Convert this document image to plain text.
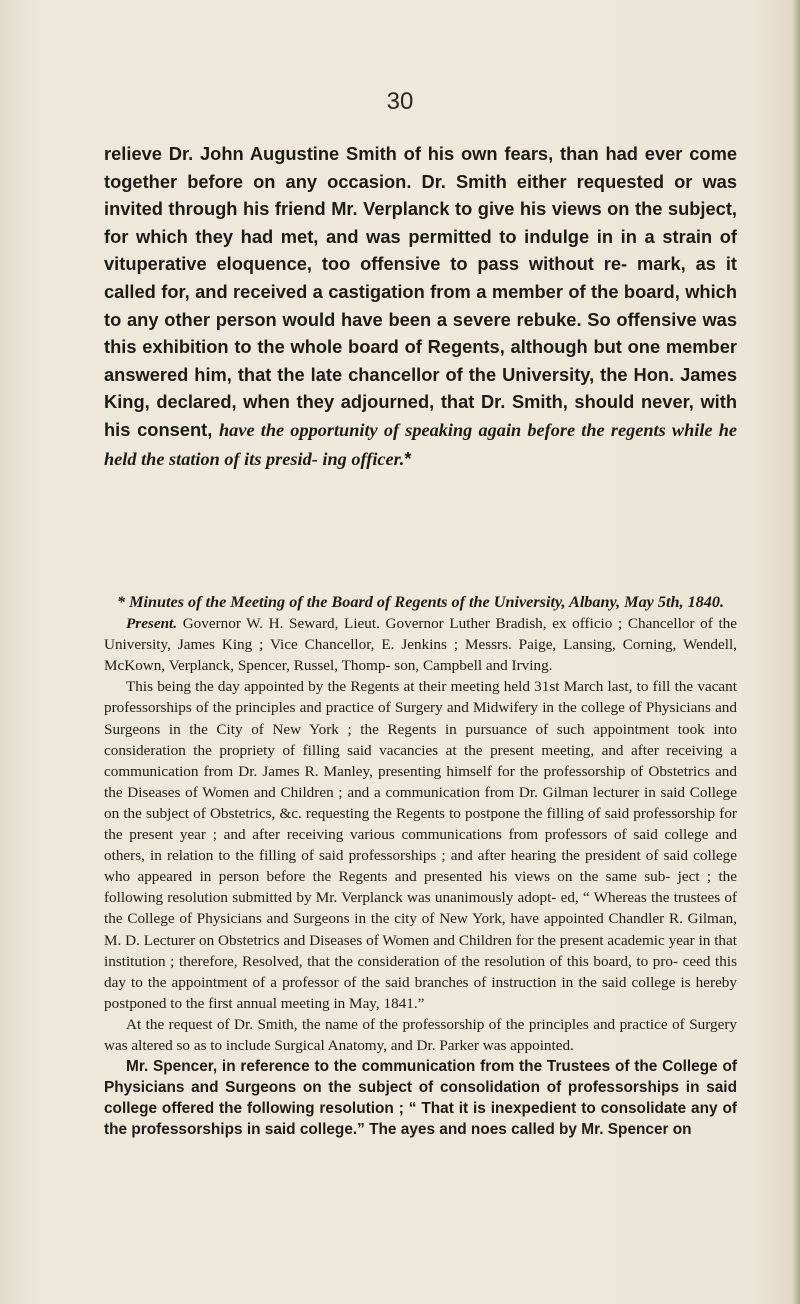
30

relieve Dr. John Augustine Smith of his own fears, than had ever come together before on any occasion. Dr. Smith either requested or was invited through his friend Mr. Verplanck to give his views on the subject, for which they had met, and was permitted to indulge in in a strain of vituperative eloquence, too offensive to pass without re- mark, as it called for, and received a castigation from a member of the board, which to any other person would have been a severe rebuke. So offensive was this exhibition to the whole board of Regents, although but one member answered him, that the late chancellor of the University, the Hon. James King, declared, when they adjourned, that Dr. Smith, should never, with his consent, have the opportunity of speaking again before the regents while he held the station of its presid- ing officer.*

* Minutes of the Meeting of the Board of Regents of the University, Albany, May 5th, 1840.

Present. Governor W. H. Seward, Lieut. Governor Luther Bradish, ex officio ; Chancellor of the University, James King ; Vice Chancellor, E. Jenkins ; Messrs. Paige, Lansing, Corning, Wendell, McKown, Verplanck, Spencer, Russel, Thomp- son, Campbell and Irving.

This being the day appointed by the Regents at their meeting held 31st March last, to fill the vacant professorships of the principles and practice of Surgery and Midwifery in the college of Physicians and Surgeons in the City of New York ; the Regents in pursuance of such appointment took into consideration the propriety of filling said vacancies at the present meeting, and after receiving a communication from Dr. James R. Manley, presenting himself for the professorship of Obstetrics and the Diseases of Women and Children ; and a communication from Dr. Gilman lecturer in said College on the subject of Obstetrics, &c. requesting the Regents to postpone the filling of said professorship for the present year ; and after receiving various communications from professors of said college and others, in relation to the filling of said professorships ; and after hearing the president of said college who appeared in person before the Regents and presented his views on the same sub- ject ; the following resolution submitted by Mr. Verplanck was unanimously adopt- ed, “ Whereas the trustees of the College of Physicians and Surgeons in the city of New York, have appointed Chandler R. Gilman, M. D. Lecturer on Obstetrics and Diseases of Women and Children for the present academic year in that institution ; therefore, Resolved, that the consideration of the resolution of this board, to pro- ceed this day to the appointment of a professor of the said branches of instruction in the said college is hereby postponed to the first annual meeting in May, 1841.”

At the request of Dr. Smith, the name of the professorship of the principles and practice of Surgery was altered so as to include Surgical Anatomy, and Dr. Parker was appointed.

Mr. Spencer, in reference to the communication from the Trustees of the College of Physicians and Surgeons on the subject of consolidation of professorships in said college offered the following resolution ; “ That it is inexpedient to consolidate any of the professorships in said college.” The ayes and noes called by Mr. Spencer on
